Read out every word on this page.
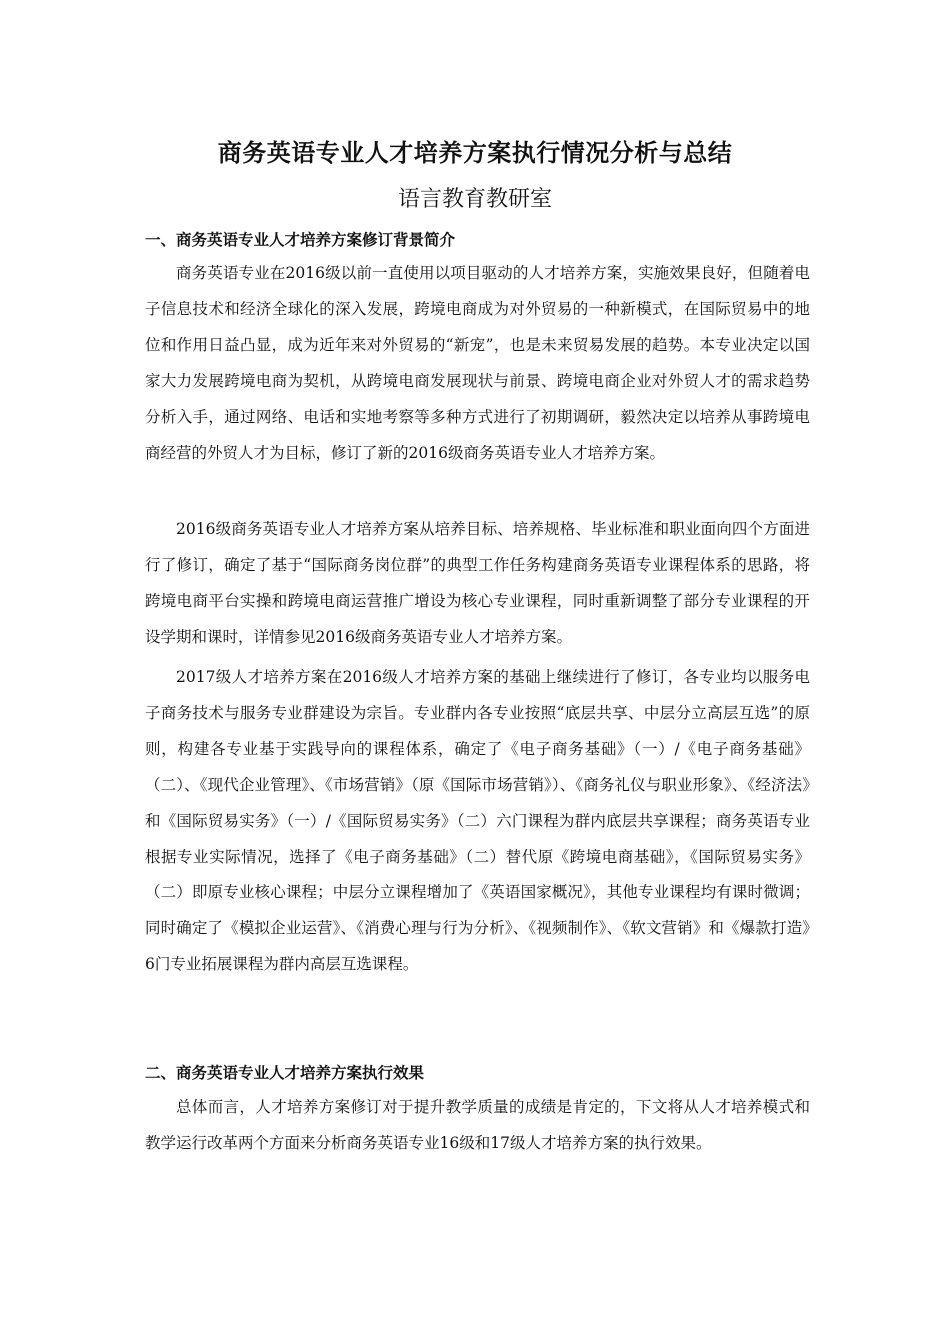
商务英语专业人才培养方案执行情况分析与总结
语言教育教研室
一、商务英语专业人才培养方案修订背景简介
商务英语专业在2016级以前一直使用以项目驱动的人才培养方案，实施效果良好，但随着电子信息技术和经济全球化的深入发展，跨境电商成为对外贸易的一种新模式，在国际贸易中的地位和作用日益凸显，成为近年来对外贸易的“新宠”，也是未来贸易发展的趋势。本专业决定以国家大力发展跨境电商为契机，从跨境电商发展现状与前景、跨境电商企业对外贸人才的需求趋势分析入手，通过网络、电话和实地考察等多种方式进行了初期调研，毅然决定以培养从事跨境电商经营的外贸人才为目标，修订了新的2016级商务英语专业人才培养方案。
2016级商务英语专业人才培养方案从培养目标、培养规格、毕业标准和职业面向四个方面进行了修订，确定了基于“国际商务岗位群”的典型工作任务构建商务英语专业课程体系的思路，将跨境电商平台实操和跨境电商运营推广增设为核心专业课程，同时重新调整了部分专业课程的开设学期和课时，详情参见2016级商务英语专业人才培养方案。
2017级人才培养方案在2016级人才培养方案的基础上继续进行了修订，各专业均以服务电子商务技术与服务专业群建设为宗旨。专业群内各专业按照“底层共享、中层分立高层互选”的原则，构建各专业基于实践导向的课程体系，确定了《电子商务基础》（一）/《电子商务基础》（二）、《现代企业管理》、《市场营销》（原《国际市场营销》）、《商务礼仪与职业形象》、《经济法》和《国际贸易实务》（一）/《国际贸易实务》（二）六门课程为群内底层共享课程；商务英语专业根据专业实际情况，选择了《电子商务基础》（二）替代原《跨境电商基础》，《国际贸易实务》（二）即原专业核心课程；中层分立课程增加了《英语国家概况》，其他专业课程均有课时微调；同时确定了《模拟企业运营》、《消费心理与行为分析》、《视频制作》、《软文营销》和《爆款打造》6门专业拓展课程为群内高层互选课程。
二、商务英语专业人才培养方案执行效果
总体而言，人才培养方案修订对于提升教学质量的成绩是肯定的，下文将从人才培养模式和教学运行改革两个方面来分析商务英语专业16级和17级人才培养方案的执行效果。
